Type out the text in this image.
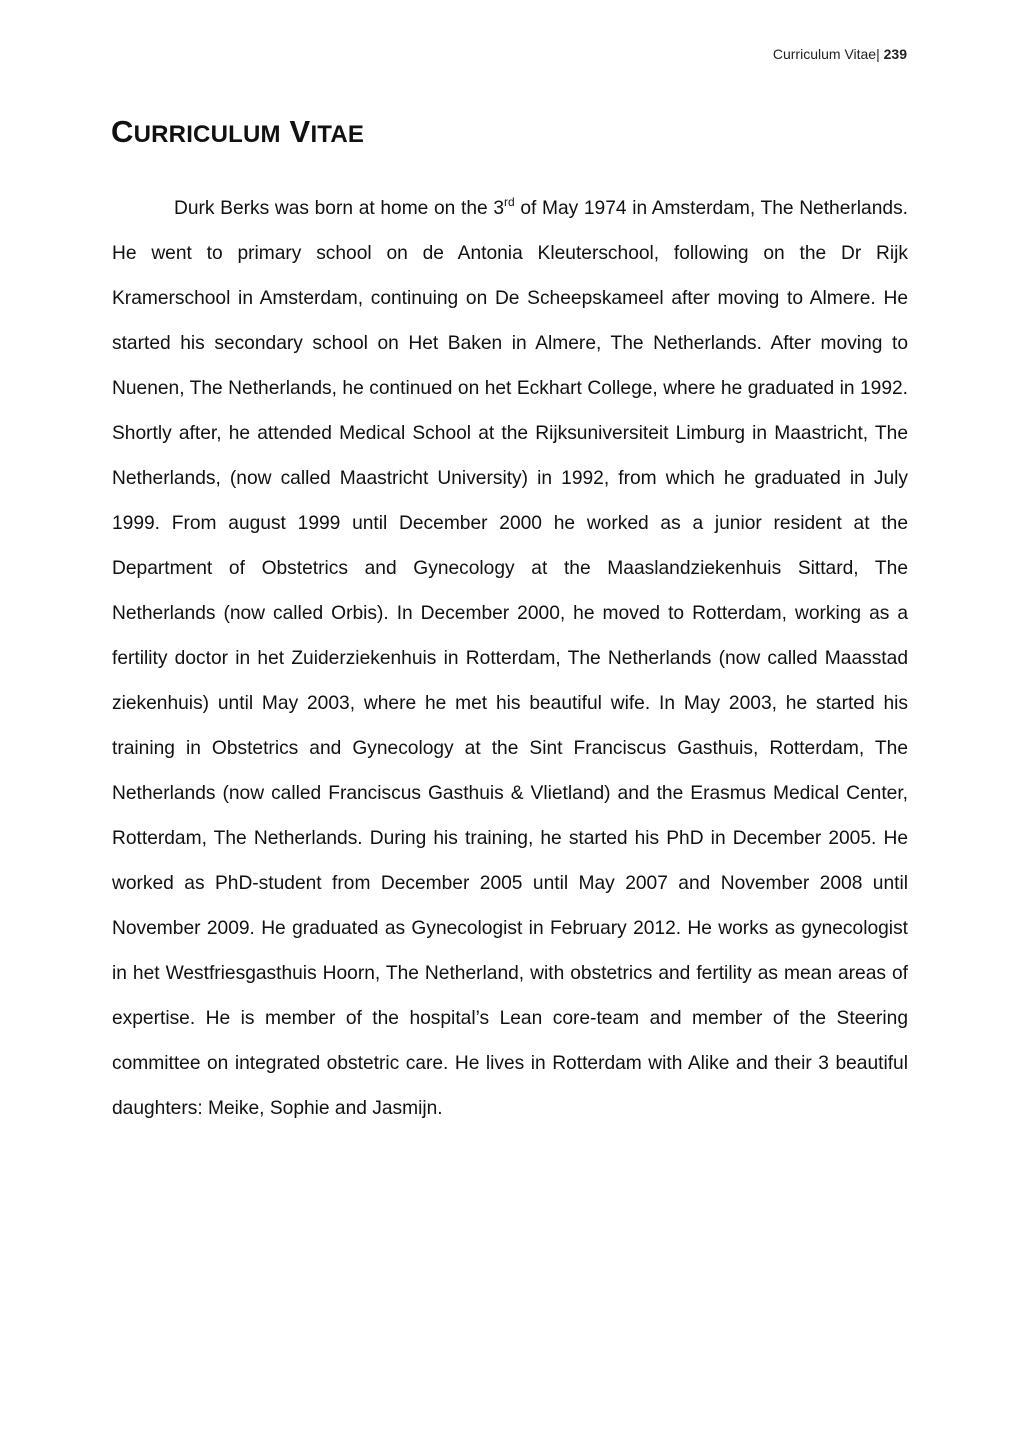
Curriculum Vitae| 239
CURRICULUM VITAE

Durk Berks was born at home on the 3rd of May 1974 in Amsterdam, The Netherlands. He went to primary school on de Antonia Kleuterschool, following on the Dr Rijk Kramerschool in Amsterdam, continuing on De Scheepskameel after moving to Almere. He started his secondary school on Het Baken in Almere, The Netherlands. After moving to Nuenen, The Netherlands, he continued on het Eckhart College, where he graduated in 1992. Shortly after, he attended Medical School at the Rijksuniversiteit Limburg in Maastricht, The Netherlands, (now called Maastricht University) in 1992, from which he graduated in July 1999. From august 1999 until December 2000 he worked as a junior resident at the Department of Obstetrics and Gynecology at the Maaslandziekenhuis Sittard, The Netherlands (now called Orbis). In December 2000, he moved to Rotterdam, working as a fertility doctor in het Zuiderziekenhuis in Rotterdam, The Netherlands (now called Maasstad ziekenhuis) until May 2003, where he met his beautiful wife. In May 2003, he started his training in Obstetrics and Gynecology at the Sint Franciscus Gasthuis, Rotterdam, The Netherlands (now called Franciscus Gasthuis & Vlietland) and the Erasmus Medical Center, Rotterdam, The Netherlands. During his training, he started his PhD in December 2005. He worked as PhD-student from December 2005 until May 2007 and November 2008 until November 2009. He graduated as Gynecologist in February 2012. He works as gynecologist in het Westfriesgasthuis Hoorn, The Netherland, with obstetrics and fertility as mean areas of expertise. He is member of the hospital’s Lean core-team and member of the Steering committee on integrated obstetric care. He lives in Rotterdam with Alike and their 3 beautiful daughters: Meike, Sophie and Jasmijn.
